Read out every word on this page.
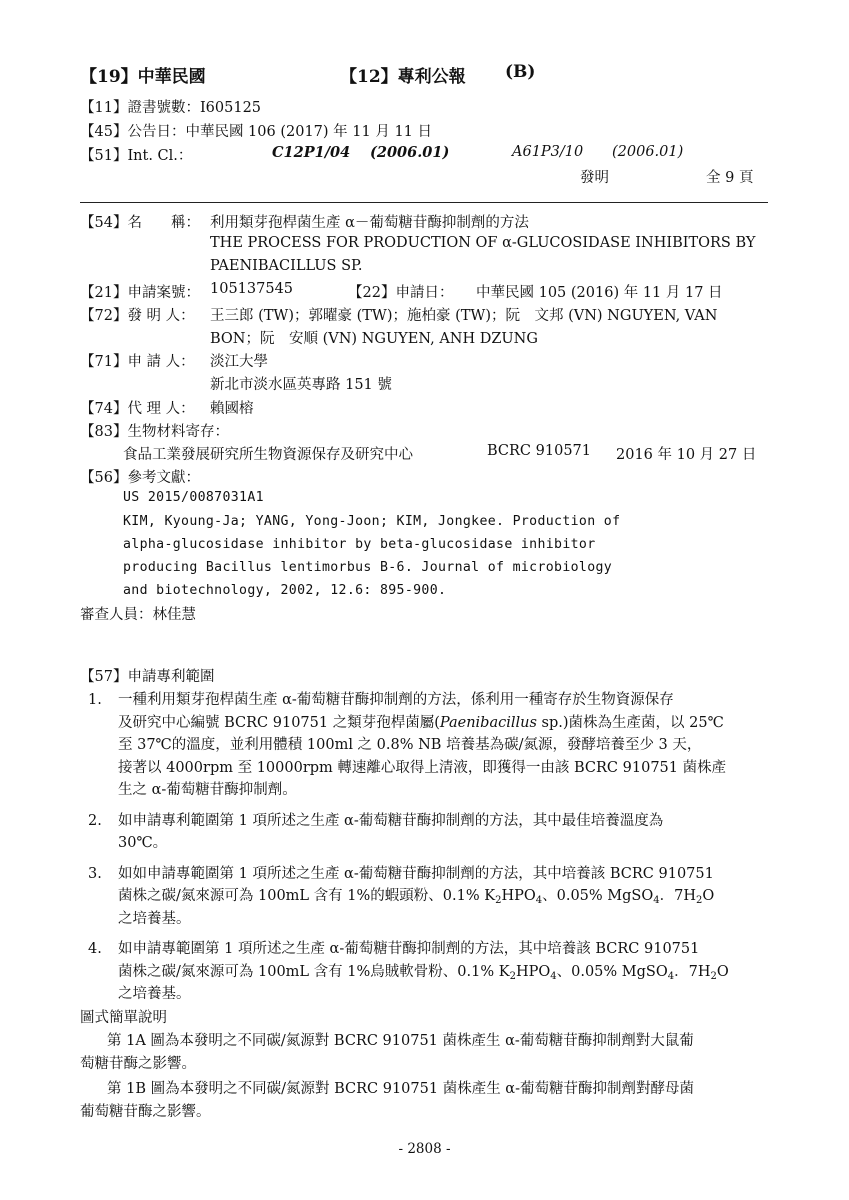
【19】中華民國	【12】專利公報 (B)
【11】證書號數：I605125
【45】公告日：中華民國 106 (2017) 年 11 月 11 日
【51】Int. Cl.：	C12P1/04 (2006.01)	A61P3/10 (2006.01)
發明	全 9 頁
【54】名　　稱： 利用類芽孢桿菌生產 α－葡萄糖苷酶抑制劑的方法
THE PROCESS FOR PRODUCTION OF α-GLUCOSIDASE INHIBITORS BY
PAENIBACILLUS SP.
【21】申請案號： 105137545	【22】申請日： 中華民國 105 (2016) 年 11 月 17 日
【72】發 明 人： 王三郎 (TW)；郭曜豪 (TW)；施柏豪 (TW)；阮　文邦 (VN) NGUYEN, VAN
BON；阮　安順 (VN) NGUYEN, ANH DZUNG
【71】申 請 人： 淡江大學
新北市淡水區英專路 151 號
【74】代 理 人： 賴國榕
【83】生物材料寄存：
食品工業發展研究所生物資源保存及研究中心	BCRC 910571 2016 年 10 月 27 日
【56】參考文獻：
US 2015/0087031A1
KIM, Kyoung-Ja; YANG, Yong-Joon; KIM, Jongkee. Production of
alpha-glucosidase inhibitor by beta-glucosidase inhibitor
producing Bacillus lentimorbus B-6. Journal of microbiology
and biotechnology, 2002, 12.6: 895-900.
審查人員：林佳慧
【57】申請專利範圍
1. 一種利用類芽孢桿菌生產 α-葡萄糖苷酶抑制劑的方法，係利用一種寄存於生物資源保存
及研究中心編號 BCRC 910751 之類芽孢桿菌屬(Paenibacillus sp.)菌株為生產菌，以 25℃
至 37℃的溫度，並利用體積 100ml 之 0.8% NB 培養基為碳/氮源，發酵培養至少 3 天，
接著以 4000rpm 至 10000rpm 轉速離心取得上清液，即獲得一由該 BCRC 910751 菌株產
生之 α-葡萄糖苷酶抑制劑。
2. 如申請專利範圍第 1 項所述之生產 α-葡萄糖苷酶抑制劑的方法，其中最佳培養溫度為
30℃。
3. 如如申請專範圍第 1 項所述之生產 α-葡萄糖苷酶抑制劑的方法，其中培養該 BCRC 910751
菌株之碳/氮來源可為 100mL 含有 1%的蝦頭粉、0.1% $K_2HPO_4$、0.05% MgSO$_4$．$7H_2O$
之培養基。
4. 如申請專範圍第 1 項所述之生產 α-葡萄糖苷酶抑制劑的方法，其中培養該 BCRC 910751
菌株之碳/氮來源可為 100mL 含有 1%烏賊軟骨粉、0.1% $K_2HPO_4$、0.05% MgSO$_4$．$7H_2O$
之培養基。
圖式簡單說明
第 1A 圖為本發明之不同碳/氮源對 BCRC 910751 菌株產生 α-葡萄糖苷酶抑制劑對大鼠葡
萄糖苷酶之影響。
第 1B 圖為本發明之不同碳/氮源對 BCRC 910751 菌株產生 α-葡萄糖苷酶抑制劑對酵母菌
葡萄糖苷酶之影響。
- 2808 -
